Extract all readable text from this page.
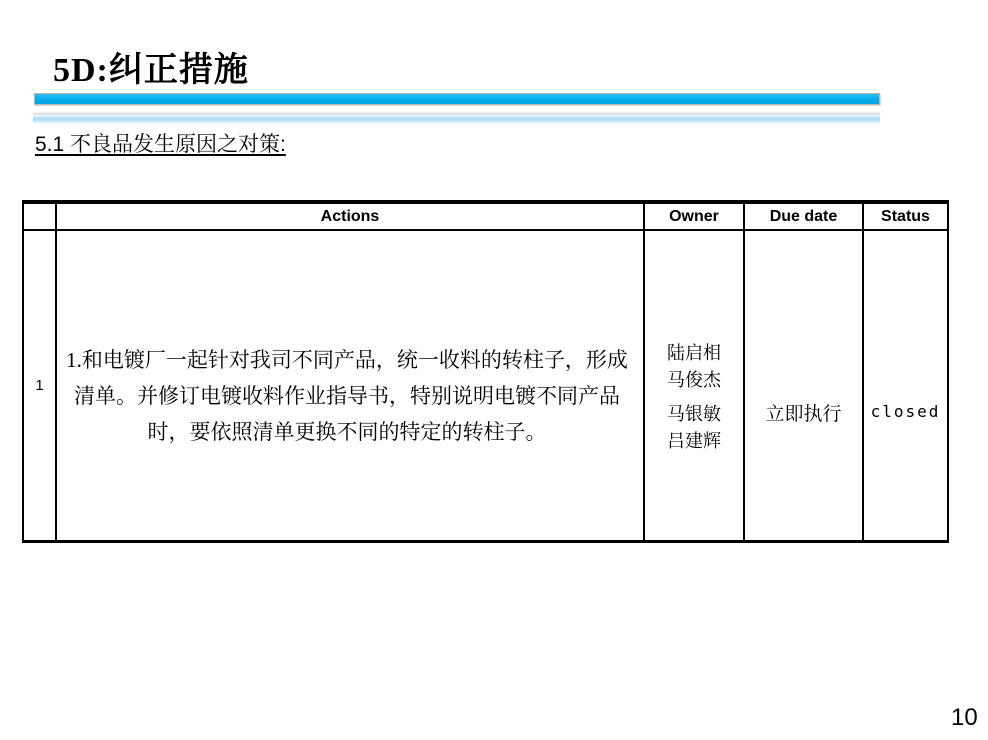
5D:纠正措施
5.1 不良品发生原因之对策:
	Actions	Owner	Due date	Status
1	1.和电镀厂一起针对我司不同产品，统一收料的转柱子，形成清单。并修订电镀收料作业指导书，特别说明电镀不同产品时，要依照清单更换不同的特定的转柱子。	陆启相
马俊杰
马银敏
吕建辉	立即执行	closed
10
